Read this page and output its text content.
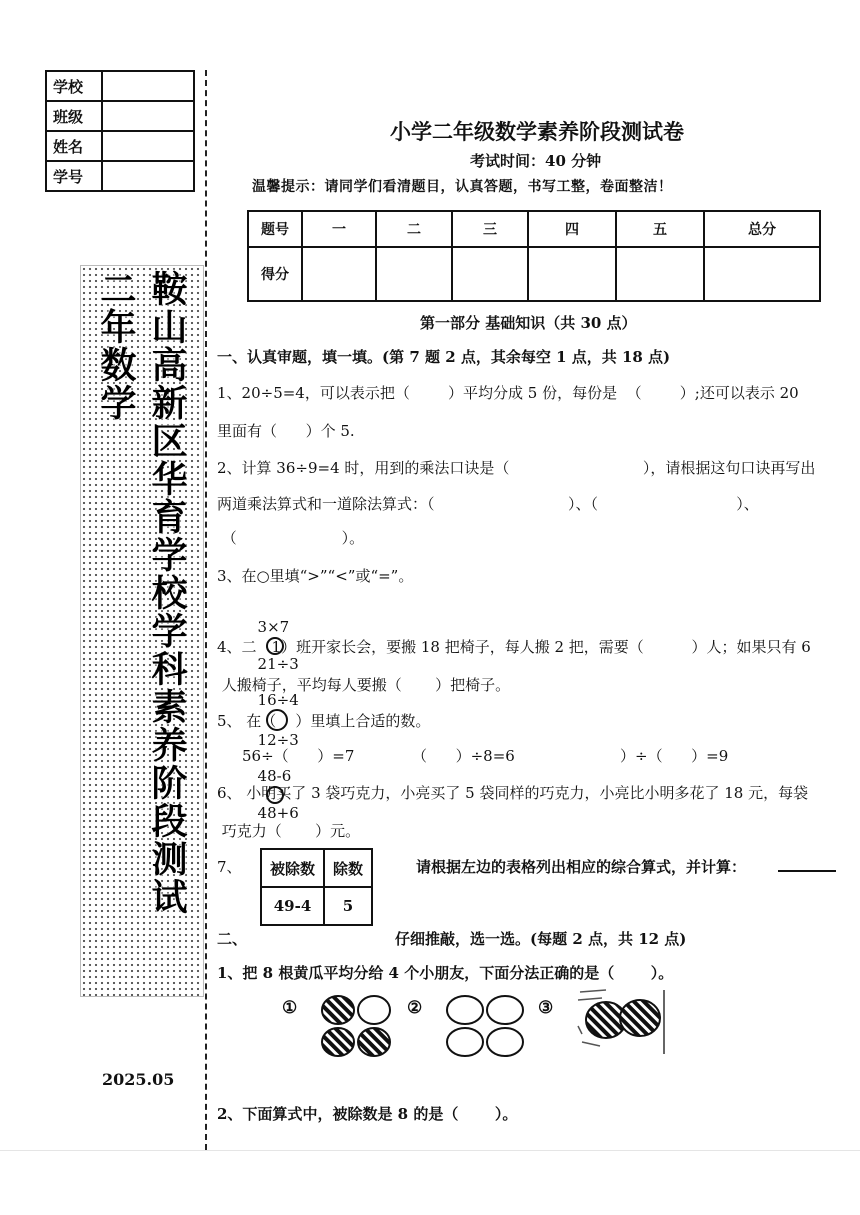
学校	
班级	
姓名	
学号	
鞍山高新区华育学校学科素养阶段测试 二年数学
2025.05
小学二年级数学素养阶段测试卷
考试时间：40 分钟
温馨提示：请同学们看清题目，认真答题，书写工整，卷面整洁！
题号	一	二	三	四	五	总分
得分						
第一部分 基础知识（共 30 点）
一、认真审题，填一填。(第 7 题 2 点，其余每空 1 点，共 18 点)
1、20÷5=4，可以表示把（        ）平均分成 5 份，每份是  （        ）;还可以表示 20
里面有（      ）个 5.
2、计算 36÷9=4 时，用到的乘法口诀是（                            ），请根据这句口诀再写出
两道乘法算式和一道除法算式：（                            ）、（                             ）、
（                      ）。
3、在○里填“>”“<”或“=”。

3×7

21÷3

16÷4

12÷3

48-6

48+6

4、二（1）班开家长会，要搬 18 把椅子，每人搬 2 把，需要（          ）人；如果只有 6
人搬椅子，平均每人要搬（       ）把椅子。
5、 在（    ）里填上合适的数。
56÷（      ）=7	（      ）÷8=6	）÷（      ）=9
6、 小明买了 3 袋巧克力，小亮买了 5 袋同样的巧克力，小亮比小明多花了 18 元，每袋
巧克力（       ）元。
7、 被除数	除数
49-4	5
请根据左边的表格列出相应的综合算式，并计算：
二、	仔细推敲，选一选。(每题 2 点，共 12 点)
1、把 8 根黄瓜平均分给 4 个小朋友，下面分法正确的是（       ）。
①	②	③
2、下面算式中，被除数是 8 的是（       ）。
